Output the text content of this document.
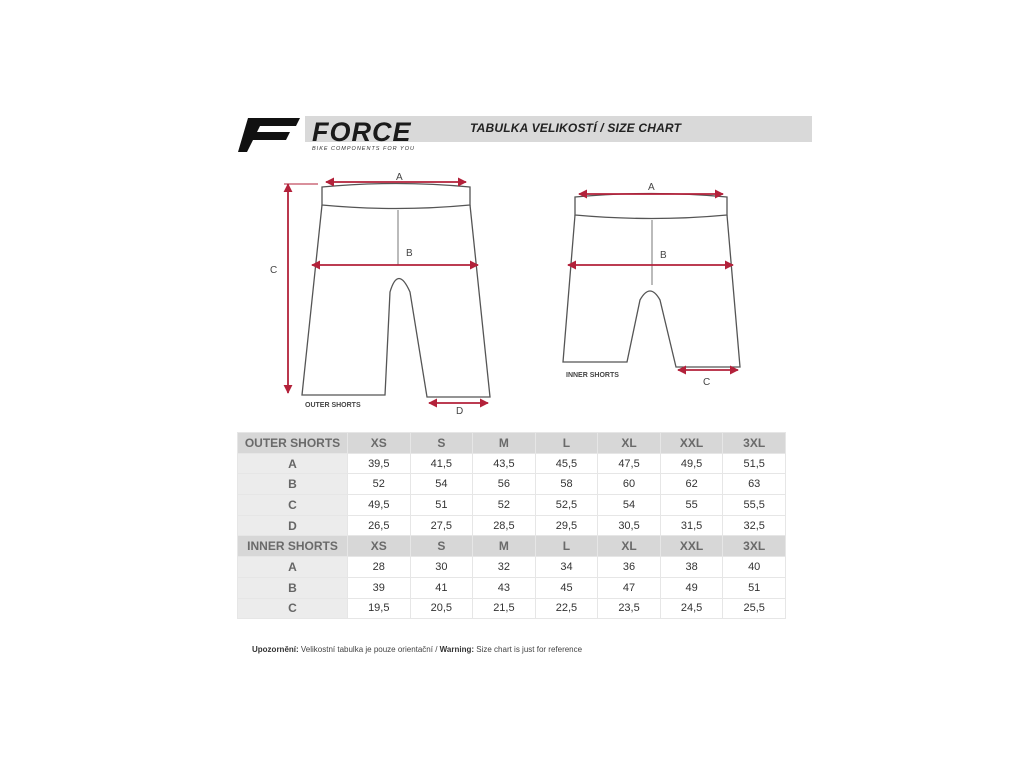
FORCE
BIKE COMPONENTS FOR YOU
TABULKA VELIKOSTÍ / SIZE CHART
A
B
C
D
A
B
C
OUTER SHORTS
INNER SHORTS
OUTER SHORTS	XS	S	M	L	XL	XXL	3XL
A	39,5	41,5	43,5	45,5	47,5	49,5	51,5
B	52	54	56	58	60	62	63
C	49,5	51	52	52,5	54	55	55,5
D	26,5	27,5	28,5	29,5	30,5	31,5	32,5
INNER SHORTS	XS	S	M	L	XL	XXL	3XL
A	28	30	32	34	36	38	40
B	39	41	43	45	47	49	51
C	19,5	20,5	21,5	22,5	23,5	24,5	25,5
Upozornění: Velikostní tabulka je pouze orientační / Warning: Size chart is just for reference
